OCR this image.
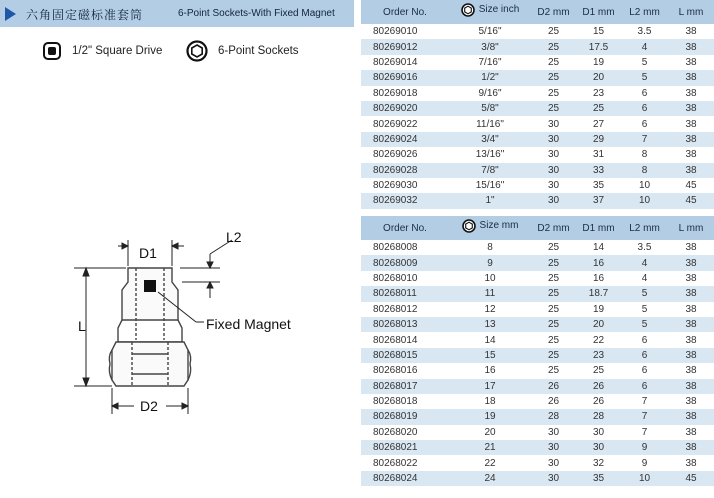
六角固定磁标准套筒	6-Point Sockets-With Fixed Magnet
1/2" Square Drive	6-Point Sockets
D1
L2
L	Fixed Magnet
D2
Order No.	Size inch	D2 mm	D1 mm	L2 mm	L mm
80269010	5/16"	25	15	3.5	38
80269012	3/8"	25	17.5	4	38
80269014	7/16"	25	19	5	38
80269016	1/2"	25	20	5	38
80269018	9/16"	25	23	6	38
80269020	5/8"	25	25	6	38
80269022	11/16"	30	27	6	38
80269024	3/4"	30	29	7	38
80269026	13/16"	30	31	8	38
80269028	7/8"	30	33	8	38
80269030	15/16"	30	35	10	45
80269032	1"	30	37	10	45
Order No.	Size mm	D2 mm	D1 mm	L2 mm	L mm
80268008	8	25	14	3.5	38
80268009	9	25	16	4	38
80268010	10	25	16	4	38
80268011	11	25	18.7	5	38
80268012	12	25	19	5	38
80268013	13	25	20	5	38
80268014	14	25	22	6	38
80268015	15	25	23	6	38
80268016	16	25	25	6	38
80268017	17	26	26	6	38
80268018	18	26	26	7	38
80268019	19	28	28	7	38
80268020	20	30	30	7	38
80268021	21	30	30	9	38
80268022	22	30	32	9	38
80268024	24	30	35	10	45
